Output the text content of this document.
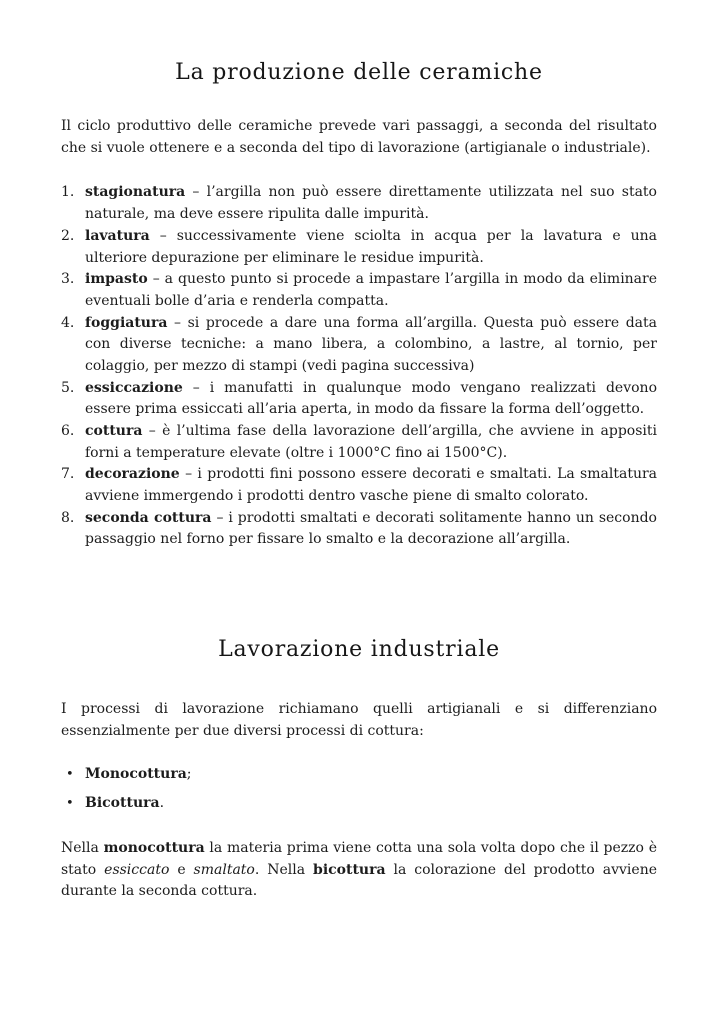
La produzione delle ceramiche

Il ciclo produttivo delle ceramiche prevede vari passaggi, a seconda del risultato che si vuole ottenere e a seconda del tipo di lavorazione (artigianale o industriale).

1. stagionatura – l’argilla non può essere direttamente utilizzata nel suo stato naturale, ma deve essere ripulita dalle impurità.
2. lavatura – successivamente viene sciolta in acqua per la lavatura e una ulteriore depurazione per eliminare le residue impurità.
3. impasto – a questo punto si procede a impastare l’argilla in modo da eliminare eventuali bolle d’aria e renderla compatta.
4. foggiatura – si procede a dare una forma all’argilla. Questa può essere data con diverse tecniche: a mano libera, a colombino, a lastre, al tornio, per colaggio, per mezzo di stampi (vedi pagina successiva)
5. essiccazione – i manufatti in qualunque modo vengano realizzati devono essere prima essiccati all’aria aperta, in modo da fissare la forma dell’oggetto.
6. cottura – è l’ultima fase della lavorazione dell’argilla, che avviene in appositi forni a temperature elevate (oltre i 1000°C fino ai 1500°C).
7. decorazione – i prodotti fini possono essere decorati e smaltati. La smaltatura avviene immergendo i prodotti dentro vasche piene di smalto colorato.
8. seconda cottura – i prodotti smaltati e decorati solitamente hanno un secondo passaggio nel forno per fissare lo smalto e la decorazione all’argilla.
Lavorazione industriale

I processi di lavorazione richiamano quelli artigianali e si differenziano essenzialmente per due diversi processi di cottura:

•
Monocottura;
•
Bicottura.

Nella monocottura la materia prima viene cotta una sola volta dopo che il pezzo è stato essiccato e smaltato. Nella bicottura la colorazione del prodotto avviene durante la seconda cottura.
